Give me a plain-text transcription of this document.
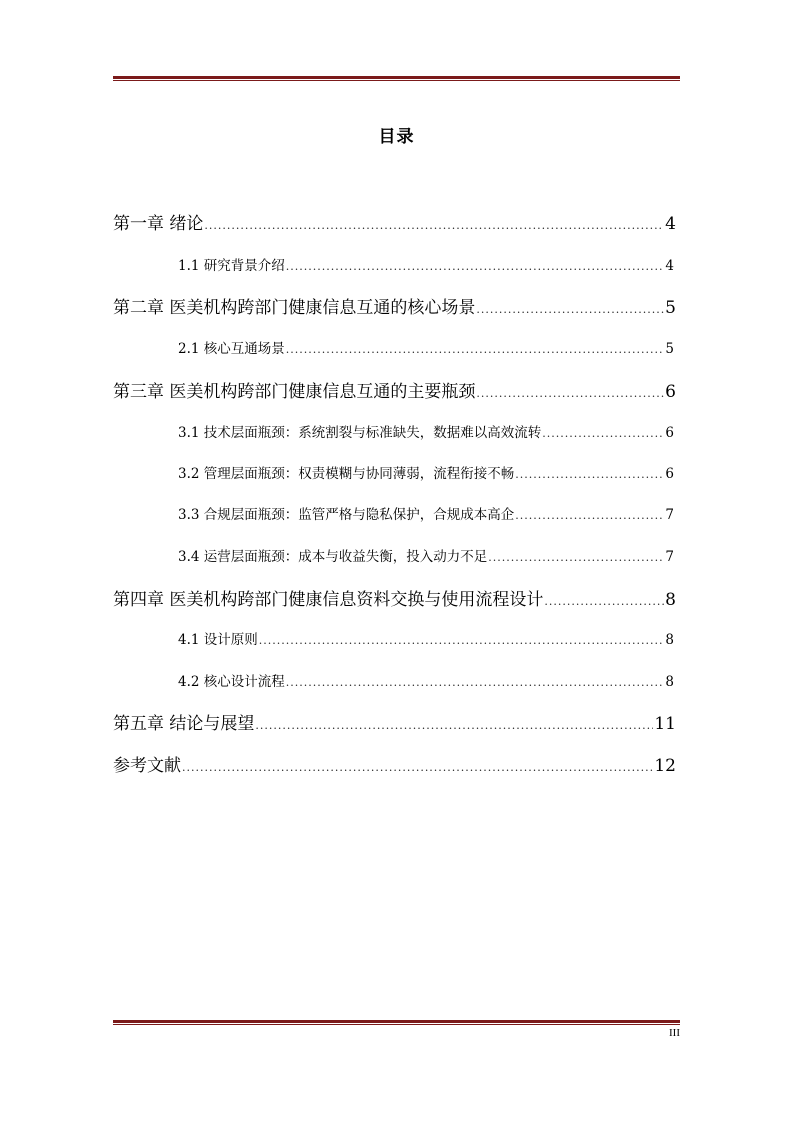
目录
第一章 绪论 .....	4
1.1 研究背景介绍 .....	4
第二章 医美机构跨部门健康信息互通的核心场景 .....	5
2.1 核心互通场景 .....	5
第三章 医美机构跨部门健康信息互通的主要瓶颈 .....	6
3.1 技术层面瓶颈：系统割裂与标准缺失，数据难以高效流转 .....	6
3.2 管理层面瓶颈：权责模糊与协同薄弱，流程衔接不畅 .....	6
3.3 合规层面瓶颈：监管严格与隐私保护，合规成本高企 .....	7
3.4 运营层面瓶颈：成本与收益失衡，投入动力不足 .....	7
第四章 医美机构跨部门健康信息资料交换与使用流程设计 .....	8
4.1 设计原则 .....	8
4.2 核心设计流程 .....	8
第五章 结论与展望 .....	11
参考文献 .....	12
III
